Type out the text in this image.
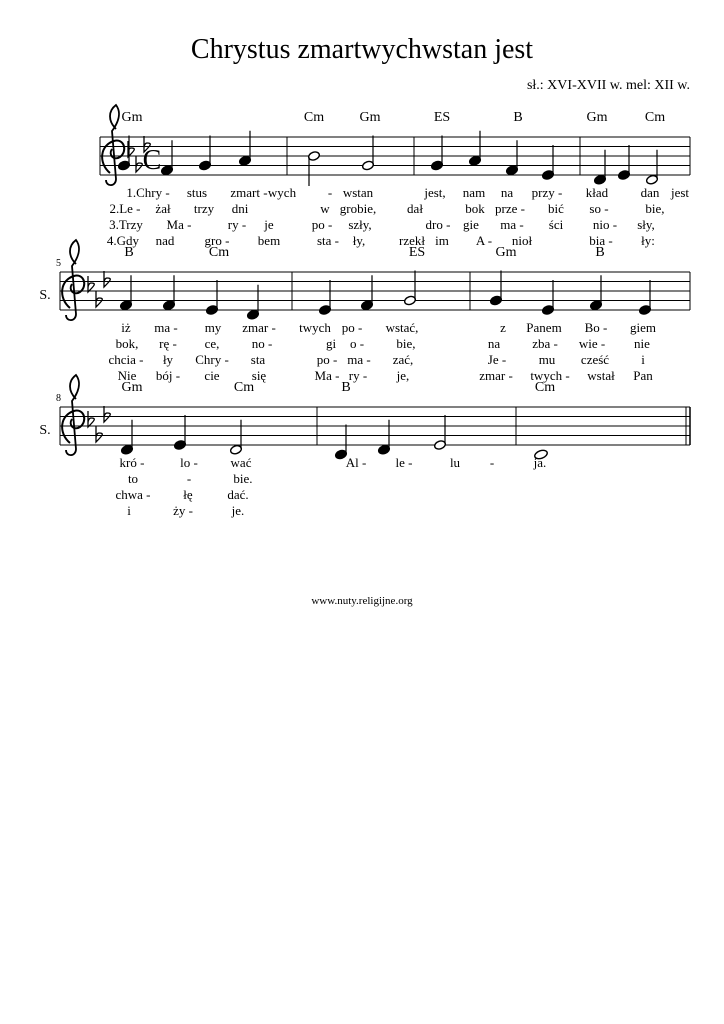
Chrystus zmartwychwstan jest
sł.: XVI-XVII w. mel: XII w.
C
Gm	Cm	Gm	ES	B	Gm	Cm
1.Chry - stus zmart - wych - wstan	jest, nam na przy - kład dan jest
2.Le - żał trzy dni	w grobie, dał	bok prze - bić so -	bie,
3.Trzy Ma -	ry - je	po - szły,	dro - gie ma - ści nio - sły,
4.Gdy nad gro - bem	sta - ły,	rzekł im A - nioł	bia - ły:
S.
5
B	Cm	ES	Gm	B
iż ma - my zmar - twych po - wstać,	z Panem Bo - giem
bok, rę - ce, no -	gi o - bie,	na zba - wie - nie
chcia - ły Chry - sta	po - ma - zać,	Je - mu cześć i
Nie bój - cie się	Ma - ry - je,	zmar - twych - wstał Pan
S.
8
Gm	Cm	B	Cm
kró -	lo -	wać	Al - le -	lu -	ja.
to	-	bie.
chwa -	łę	dać.
i	ży -	je.
www.nuty.religijne.org
